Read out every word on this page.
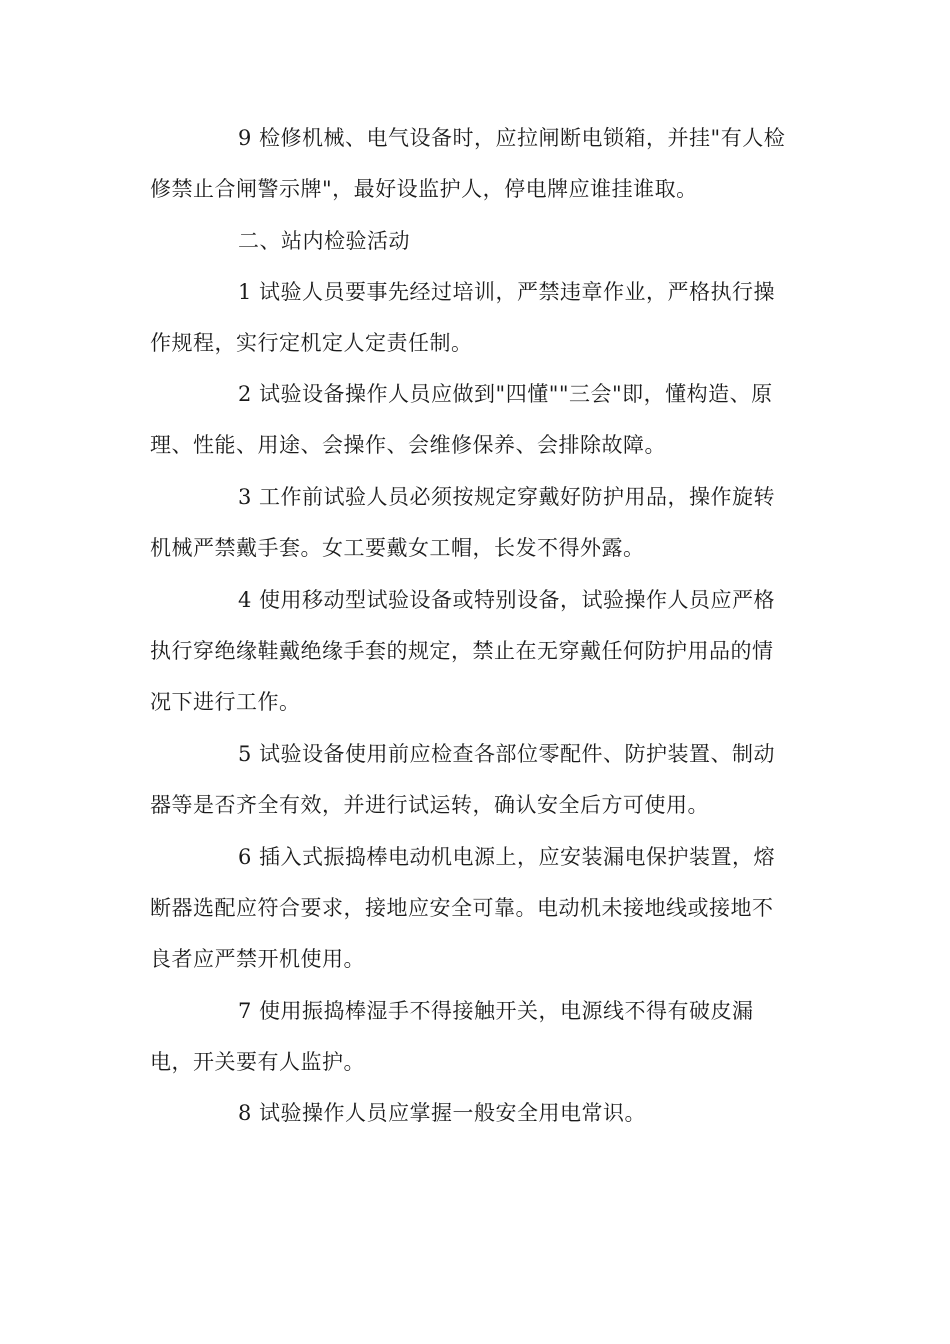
9 检修机械、电气设备时，应拉闸断电锁箱，并挂"有人检
修禁止合闸警示牌"，最好设监护人，停电牌应谁挂谁取。
二、站内检验活动
1 试验人员要事先经过培训，严禁违章作业，严格执行操
作规程，实行定机定人定责任制。
2 试验设备操作人员应做到"四懂""三会"即，懂构造、原
理、性能、用途、会操作、会维修保养、会排除故障。
3 工作前试验人员必须按规定穿戴好防护用品，操作旋转
机械严禁戴手套。女工要戴女工帽，长发不得外露。
4 使用移动型试验设备或特别设备，试验操作人员应严格
执行穿绝缘鞋戴绝缘手套的规定，禁止在无穿戴任何防护用品的情
况下进行工作。
5 试验设备使用前应检查各部位零配件、防护装置、制动
器等是否齐全有效，并进行试运转，确认安全后方可使用。
6 插入式振捣棒电动机电源上，应安装漏电保护装置，熔
断器选配应符合要求，接地应安全可靠。电动机未接地线或接地不
良者应严禁开机使用。
7 使用振捣棒湿手不得接触开关，电源线不得有破皮漏
电，开关要有人监护。
8 试验操作人员应掌握一般安全用电常识。
